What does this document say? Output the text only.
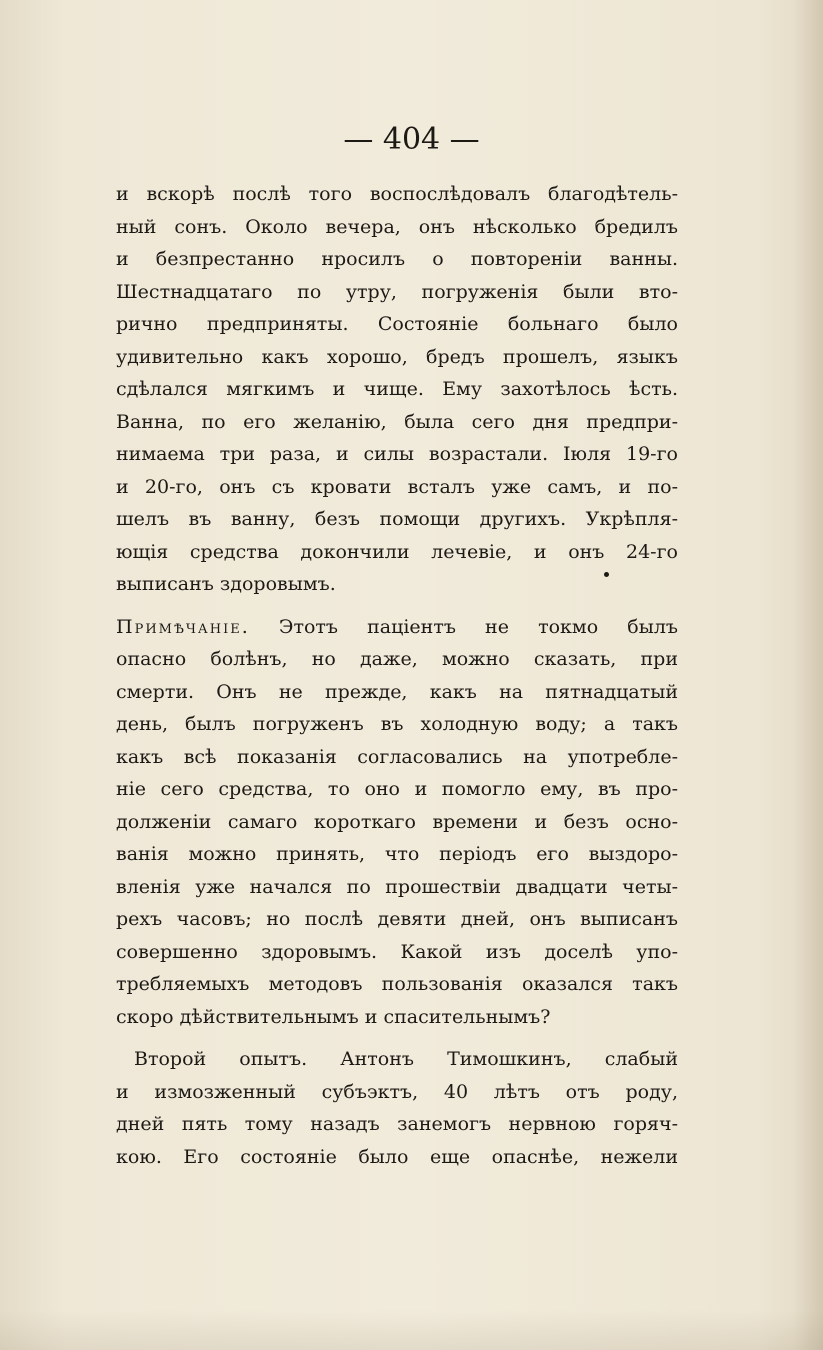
— 404 —
и вскорѣ послѣ того воспослѣдовалъ благодѣтель-
ный сонъ. Около вечера, онъ нѣсколько бредилъ
и безпрестанно нросилъ о повтореніи ванны.
Шестнадцатаго по утру, погруженія были вто-
рично предприняты. Состояніе больнаго было
удивительно какъ хорошо, бредъ прошелъ, языкъ
сдѣлался мягкимъ и чище. Ему захотѣлось ѣсть.
Ванна, по его желанію, была сего дня предпри-
нимаема три раза, и силы возрастали. Іюля 19-го
и 20-го, онъ съ кровати всталъ уже самъ, и по-
шелъ въ ванну, безъ помощи другихъ. Укрѣпля-
ющія средства докончили лечевіе, и онъ 24-го
выписанъ здоровымъ.
Примѣчаніе. Этотъ паціентъ не токмо былъ
опасно болѣнъ, но даже, можно сказать, при
смерти. Онъ не прежде, какъ на пятнадцатый
день, былъ погруженъ въ холодную воду; а такъ
какъ всѣ показанія согласовались на употребле-
ніе сего средства, то оно и помогло ему, въ про-
долженіи самаго короткаго времени и безъ осно-
ванія можно принять, что періодъ его выздоро-
вленія уже начался по прошествіи двадцати четы-
рехъ часовъ; но послѣ девяти дней, онъ выписанъ
совершенно здоровымъ. Какой изъ доселѣ упо-
требляемыхъ методовъ пользованія оказался такъ
скоро дѣйствительнымъ и спасительнымъ?
Второй опытъ. Антонъ Тимошкинъ, слабый
и измозженный субъэктъ, 40 лѣтъ отъ роду,
дней пять тому назадъ занемогъ нервною горяч-
кою. Его состояніе было еще опаснѣе, нежели
